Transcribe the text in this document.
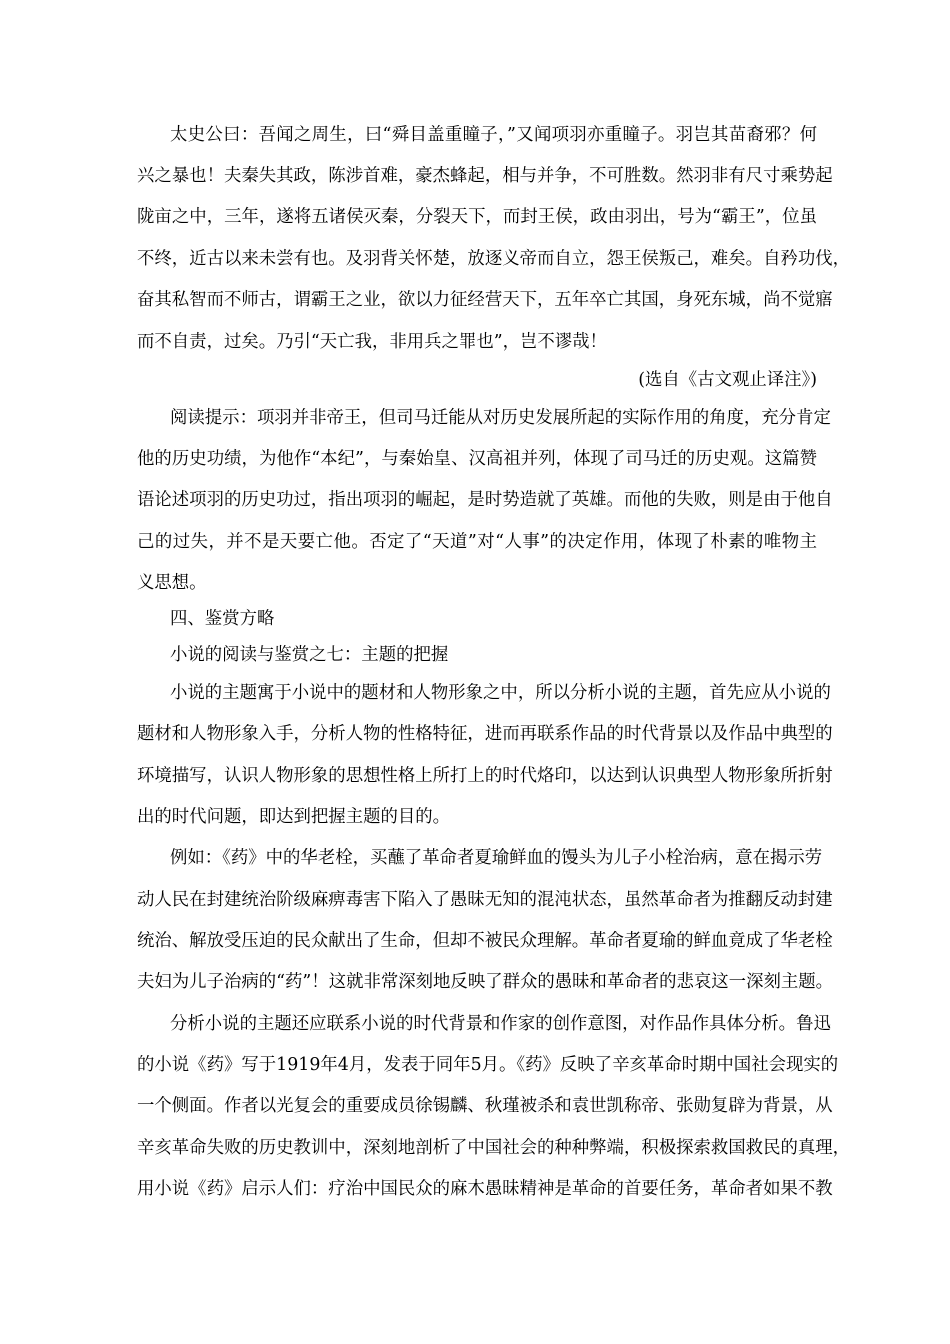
太史公曰：吾闻之周生，曰“舜目盖重瞳子，”又闻项羽亦重瞳子。羽岂其苗裔邪？何
兴之暴也！夫秦失其政，陈涉首难，豪杰蜂起，相与并争，不可胜数。然羽非有尺寸乘势起
陇亩之中，三年，遂将五诸侯灭秦，分裂天下，而封王侯，政由羽出，号为“霸王”，位虽
不终，近古以来未尝有也。及羽背关怀楚，放逐义帝而自立，怨王侯叛己，难矣。自矜功伐，
奋其私智而不师古，谓霸王之业，欲以力征经营天下，五年卒亡其国，身死东城，尚不觉寤
而不自责，过矣。乃引“天亡我，非用兵之罪也”，岂不谬哉！
(选自《古文观止译注》)
阅读提示：项羽并非帝王，但司马迁能从对历史发展所起的实际作用的角度，充分肯定
他的历史功绩，为他作“本纪”，与秦始皇、汉高祖并列，体现了司马迁的历史观。这篇赞
语论述项羽的历史功过，指出项羽的崛起，是时势造就了英雄。而他的失败，则是由于他自
己的过失，并不是天要亡他。否定了“天道”对“人事”的决定作用，体现了朴素的唯物主
义思想。
四、鉴赏方略
小说的阅读与鉴赏之七：主题的把握
小说的主题寓于小说中的题材和人物形象之中，所以分析小说的主题，首先应从小说的
题材和人物形象入手，分析人物的性格特征，进而再联系作品的时代背景以及作品中典型的
环境描写，认识人物形象的思想性格上所打上的时代烙印，以达到认识典型人物形象所折射
出的时代问题，即达到把握主题的目的。
例如：《药》中的华老栓，买蘸了革命者夏瑜鲜血的馒头为儿子小栓治病，意在揭示劳
动人民在封建统治阶级麻痹毒害下陷入了愚昧无知的混沌状态，虽然革命者为推翻反动封建
统治、解放受压迫的民众献出了生命，但却不被民众理解。革命者夏瑜的鲜血竟成了华老栓
夫妇为儿子治病的“药”！这就非常深刻地反映了群众的愚昧和革命者的悲哀这一深刻主题。
分析小说的主题还应联系小说的时代背景和作家的创作意图，对作品作具体分析。鲁迅
的小说《药》写于1919年4月，发表于同年5月。《药》反映了辛亥革命时期中国社会现实的
一个侧面。作者以光复会的重要成员徐锡麟、秋瑾被杀和袁世凯称帝、张勋复辟为背景，从
辛亥革命失败的历史教训中，深刻地剖析了中国社会的种种弊端，积极探索救国救民的真理，
用小说《药》启示人们：疗治中国民众的麻木愚昧精神是革命的首要任务，革命者如果不教
